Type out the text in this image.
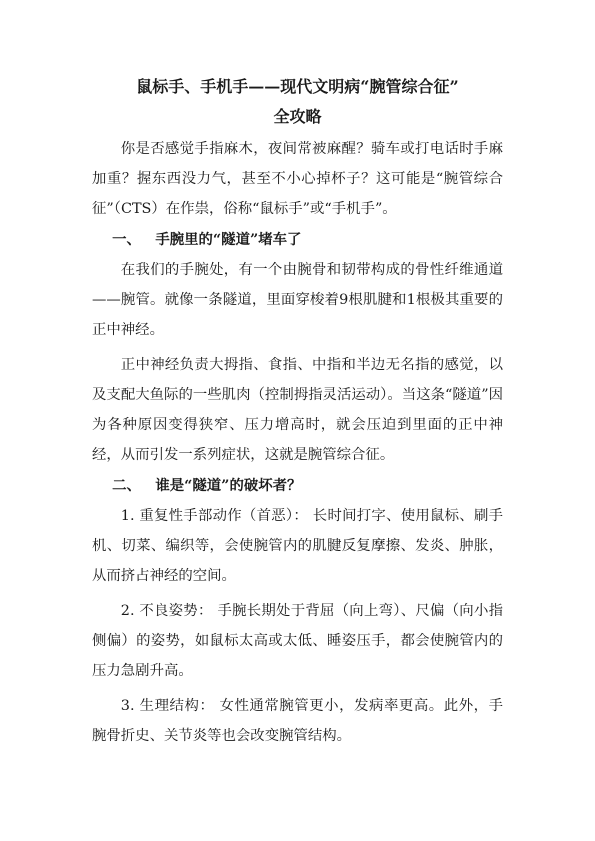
鼠标手、手机手——现代文明病“腕管综合征”

全攻略

你是否感觉手指麻木，夜间常被麻醒？骑车或打电话时手麻加重？握东西没力气，甚至不小心掉杯子？这可能是“腕管综合征”（CTS）在作祟，俗称“鼠标手”或“手机手”。

一、 手腕里的“隧道”堵车了

在我们的手腕处，有一个由腕骨和韧带构成的骨性纤维通道——腕管。就像一条隧道，里面穿梭着9根肌腱和1根极其重要的正中神经。

正中神经负责大拇指、食指、中指和半边无名指的感觉，以及支配大鱼际的一些肌肉（控制拇指灵活运动）。当这条“隧道”因为各种原因变得狭窄、压力增高时，就会压迫到里面的正中神经，从而引发一系列症状，这就是腕管综合征。

二、 谁是“隧道”的破坏者？

1. 重复性手部动作（首恶）： 长时间打字、使用鼠标、刷手机、切菜、编织等，会使腕管内的肌腱反复摩擦、发炎、肿胀，从而挤占神经的空间。

2. 不良姿势： 手腕长期处于背屈（向上弯）、尺偏（向小指侧偏）的姿势，如鼠标太高或太低、睡姿压手，都会使腕管内的压力急剧升高。

3. 生理结构： 女性通常腕管更小，发病率更高。此外，手腕骨折史、关节炎等也会改变腕管结构。
